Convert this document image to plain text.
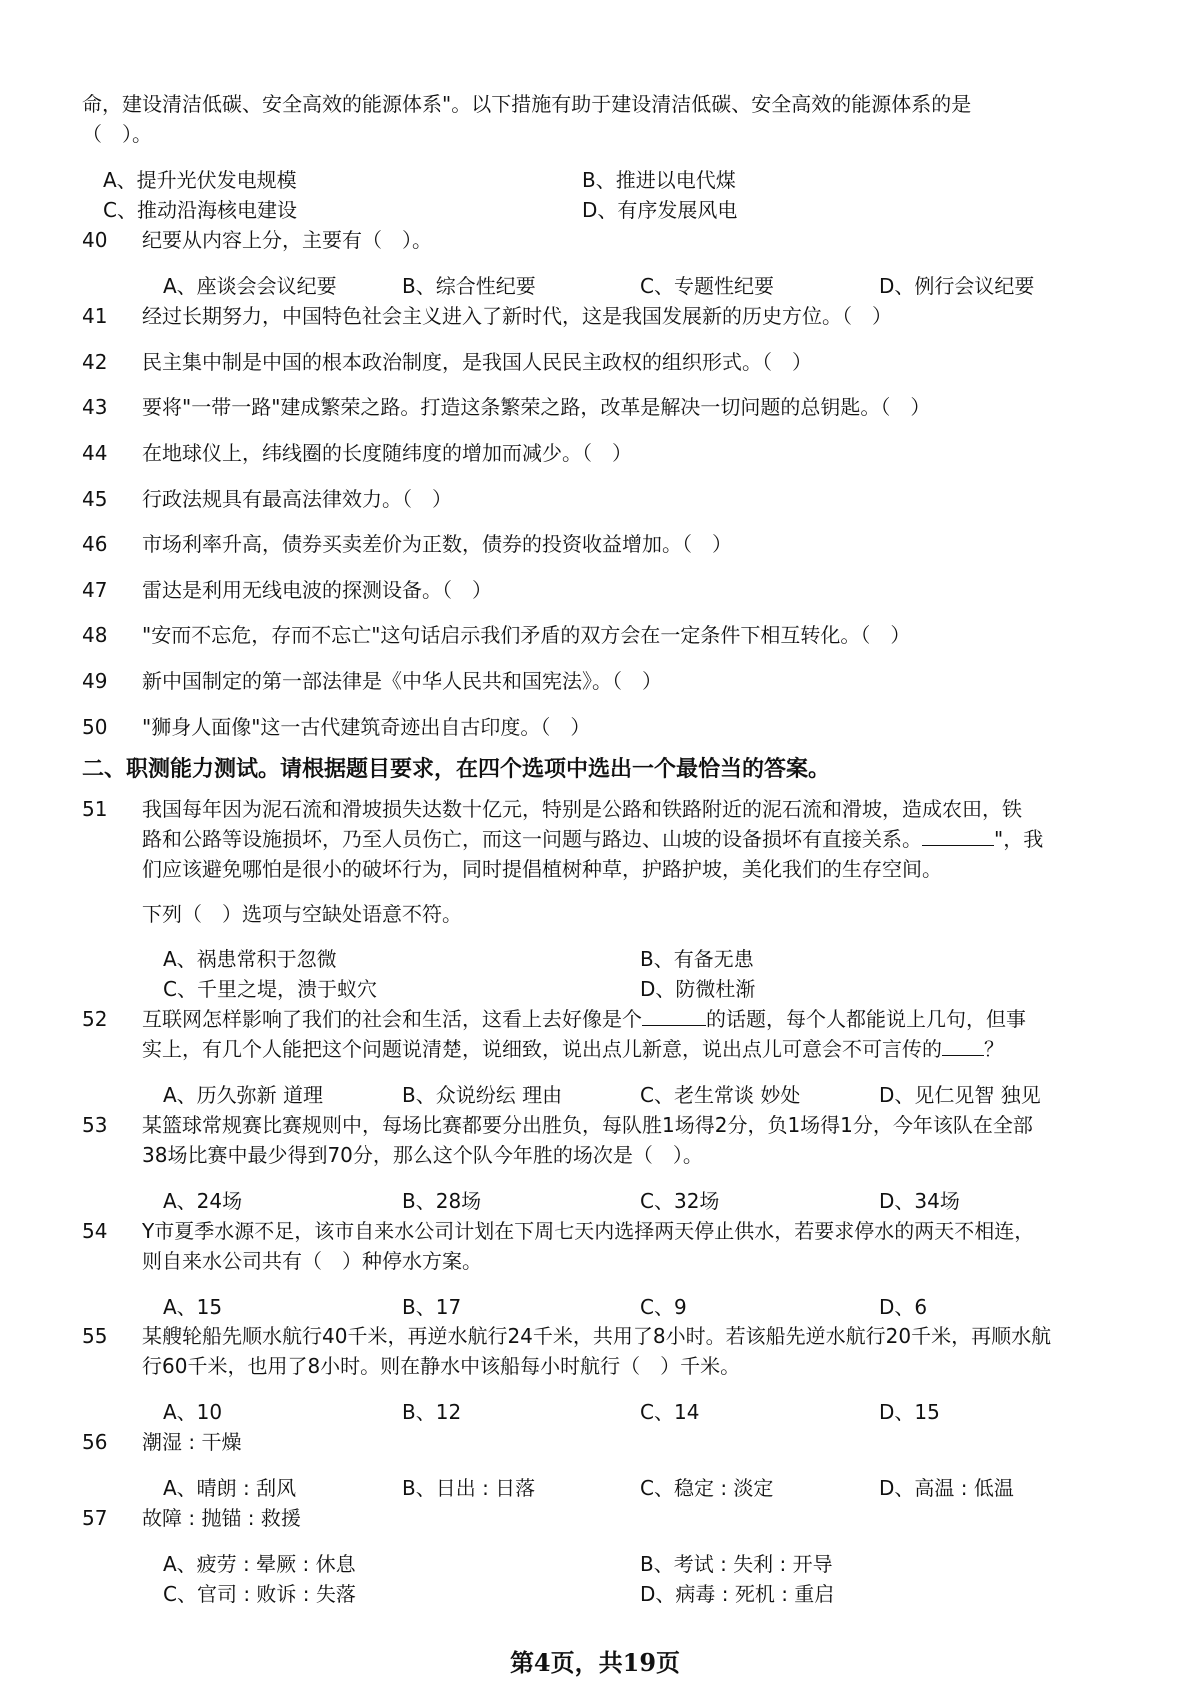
命，建设清洁低碳、安全高效的能源体系"。以下措施有助于建设清洁低碳、安全高效的能源体系的是
（　）。
A、提升光伏发电规模	B、推进以电代煤
C、推动沿海核电建设	D、有序发展风电
40 纪要从内容上分，主要有（　）。
A、座谈会会议纪要	B、综合性纪要	C、专题性纪要	D、例行会议纪要
41 经过长期努力，中国特色社会主义进入了新时代，这是我国发展新的历史方位。（　）
42 民主集中制是中国的根本政治制度，是我国人民民主政权的组织形式。（　）
43 要将"一带一路"建成繁荣之路。打造这条繁荣之路，改革是解决一切问题的总钥匙。（　）
44 在地球仪上，纬线圈的长度随纬度的增加而减少。（　）
45 行政法规具有最高法律效力。（　）
46 市场利率升高，债券买卖差价为正数，债券的投资收益增加。（　）
47 雷达是利用无线电波的探测设备。（　）
48 "安而不忘危，存而不忘亡"这句话启示我们矛盾的双方会在一定条件下相互转化。（　）
49 新中国制定的第一部法律是《中华人民共和国宪法》。（　）
50 "狮身人面像"这一古代建筑奇迹出自古印度。（　）
二、职测能力测试。请根据题目要求，在四个选项中选出一个最恰当的答案。
51 我国每年因为泥石流和滑坡损失达数十亿元，特别是公路和铁路附近的泥石流和滑坡，造成农田，铁
路和公路等设施损坏，乃至人员伤亡，而这一问题与路边、山坡的设备损坏有直接关系。	"，我
们应该避免哪怕是很小的破坏行为，同时提倡植树种草，护路护坡，美化我们的生存空间。
下列（　）选项与空缺处语意不符。
A、祸患常积于忽微	B、有备无患
C、千里之堤，溃于蚁穴	D、防微杜渐
52 互联网怎样影响了我们的社会和生活，这看上去好像是个	的话题，每个人都能说上几句，但事
实上，有几个人能把这个问题说清楚，说细致，说出点儿新意，说出点儿可意会不可言传的 ？
A、历久弥新 道理	B、众说纷纭 理由	C、老生常谈 妙处	D、见仁见智 独见
53 某篮球常规赛比赛规则中，每场比赛都要分出胜负，每队胜1场得2分，负1场得1分，今年该队在全部
38场比赛中最少得到70分，那么这个队今年胜的场次是（　）。
A、24场	B、28场	C、32场	D、34场
54 Y市夏季水源不足，该市自来水公司计划在下周七天内选择两天停止供水，若要求停水的两天不相连，
则自来水公司共有（　）种停水方案。
A、15	B、17	C、9	D、6
55 某艘轮船先顺水航行40千米，再逆水航行24千米，共用了8小时。若该船先逆水航行20千米，再顺水航
行60千米，也用了8小时。则在静水中该船每小时航行（　）千米。
A、10	B、12	C、14	D、15
56 潮湿 : 干燥
A、晴朗 : 刮风	B、日出 : 日落	C、稳定 : 淡定	D、高温 : 低温
57 故障 : 抛锚 : 救援
A、疲劳 : 晕厥 : 休息	B、考试 : 失利 : 开导
C、官司 : 败诉 : 失落	D、病毒 : 死机 : 重启
第4页，共19页
